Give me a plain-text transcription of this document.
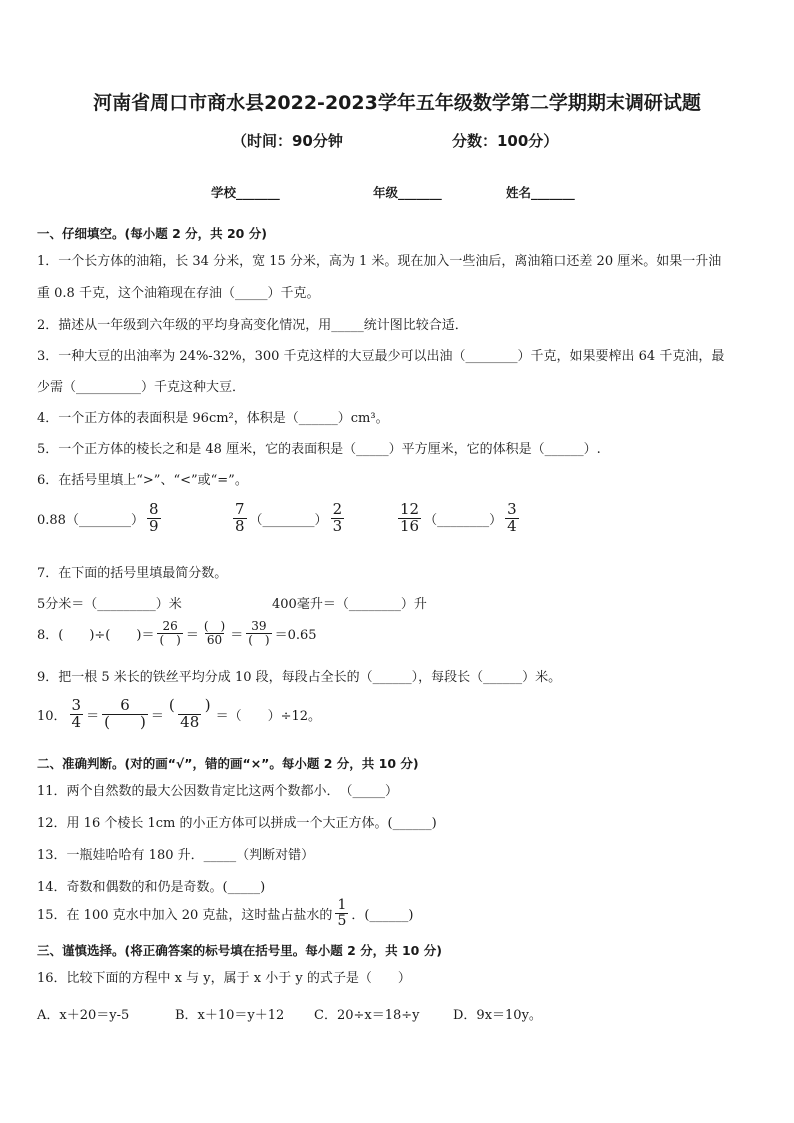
河南省周口市商水县2022-2023学年五年级数学第二学期期末调研试题
（时间：90分钟	分数：100分）
学校_______	年级_______	姓名_______
一、仔细填空。(每小题 2 分，共 20 分)
1．一个长方体的油箱，长 34 分米，宽 15 分米，高为 1 米。现在加入一些油后，离油箱口还差 20 厘米。如果一升油
重 0.8 千克，这个油箱现在存油（_____）千克。
2．描述从一年级到六年级的平均身高变化情况，用_____统计图比较合适．
3．一种大豆的出油率为 24%-32%，300 千克这样的大豆最少可以出油（________）千克，如果要榨出 64 千克油，最
少需（__________）千克这种大豆．
4．一个正方体的表面积是 96cm²，体积是（______）cm³。
5．一个正方体的棱长之和是 48 厘米，它的表面积是（_____）平方厘米，它的体积是（______）.
6．在括号里填上“>”、“<”或“=”。
0.88（________） $\frac{8}{9}$	$\frac{7}{8}$ （________） $\frac{2}{3}$	$\frac{12}{16}$ （________） $\frac{3}{4}$
7．在下面的括号里填最简分数。
5分米＝（_________）米	400毫升＝（________）升
8．(　　)÷(　　)＝ $\frac{26}{( )} = \frac{( )}{60} = \frac{39}{( )} =0.65$
9．把一根 5 米长的铁丝平均分成 10 段，每段占全长的（______），每段长（______）米。
10． $\frac{3}{4} = \frac{6}{( )} = \frac{( )}{48}$ ＝（　　）÷12。
二、准确判断。(对的画“√”，错的画“×”。每小题 2 分，共 10 分)
11．两个自然数的最大公因数肯定比这两个数都小．　（_____）
12．用 16 个棱长 1cm 的小正方体可以拼成一个大正方体。(______)
13．一瓶娃哈哈有 180 升．_____（判断对错）
14．奇数和偶数的和仍是奇数。(_____)
15．在 100 克水中加入 20 克盐，这时盐占盐水的 $\frac{1}{5}$ ．(______)
三、谨慎选择。(将正确答案的标号填在括号里。每小题 2 分，共 10 分)
16．比较下面的方程中 x 与 y，属于 x 小于 y 的式子是（　　）
A．x＋20＝y-5	B．x＋10＝y＋12 C．20÷x＝18÷y	D．9x＝10y。
